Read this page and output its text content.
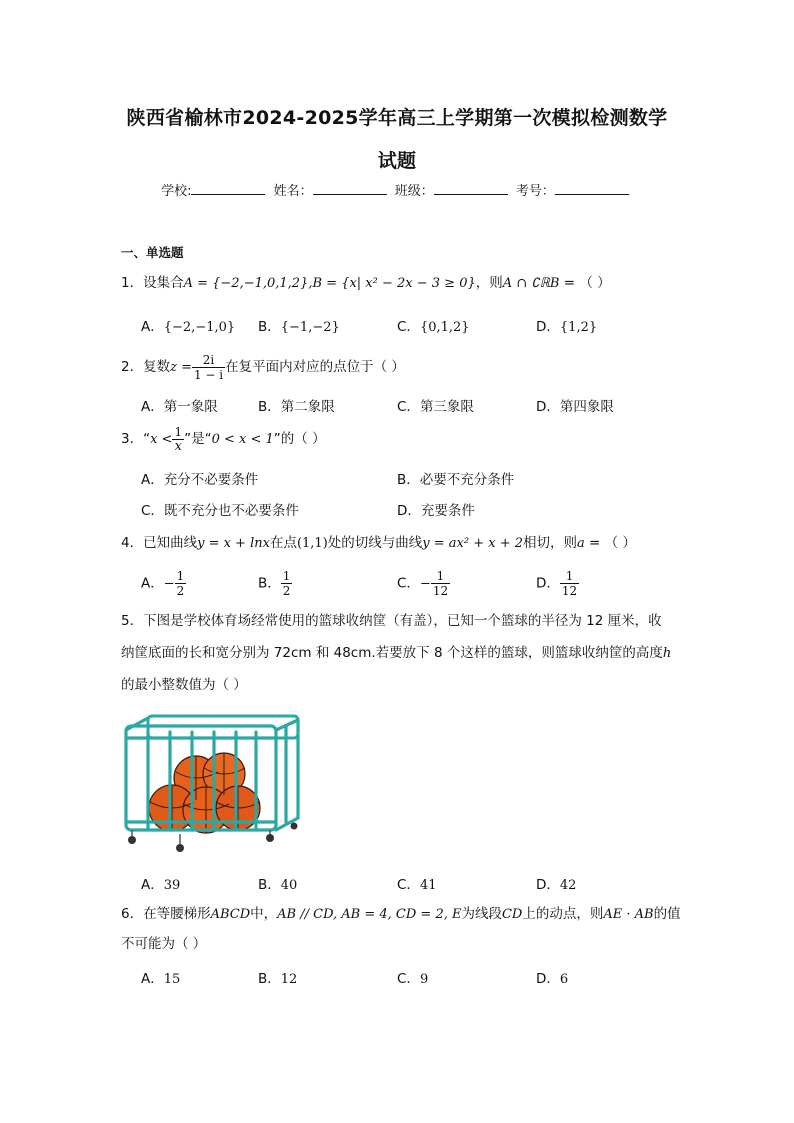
陕西省榆林市2024-2025学年高三上学期第一次模拟检测数学
试题
学校:	姓名：	班级：	考号：
一、单选题
1．设集合A = {−2,−1,0,1,2},B = {x| x² − 2x − 3 ≥ 0}，则A ∩ ∁ℝB = （ ）
A．{−2,−1,0} B．{−1,−2}	C．{0,1,2}	D．{1,2}
2．复数$z = \frac{2i}{1 - i}$ 在复平面内对应的点位于（ ）
A．第一象限	B．第二象限	C．第三象限	D．第四象限
3．“$x < \frac{1}{x}$ ”是“0 < x < 1”的（ ）
A．充分不必要条件	B．必要不充分条件
C．既不充分也不必要条件	D．充要条件
4．已知曲线y = x + lnx在点(1,1)处的切线与曲线y = ax² + x + 2相切，则a = （ ）
A．− $\frac{1}{2}$	B． $\frac{1}{2}$	C．− $\frac{1}{12}$	D． $\frac{1}{12}$
5．下图是学校体育场经常使用的篮球收纳筐（有盖），已知一个篮球的半径为 12 厘米，收
纳筐底面的长和宽分别为 72cm 和 48cm.若要放下 8 个这样的篮球，则篮球收纳筐的高度h
的最小整数值为（ ）
A．39	B．40	C．41	D．42
6．在等腰梯形ABCD中，AB // CD, AB = 4, CD = 2, E为线段CD上的动点，则AE · AB的值
不可能为（ ）
A．15	B．12	C．9	D．6
